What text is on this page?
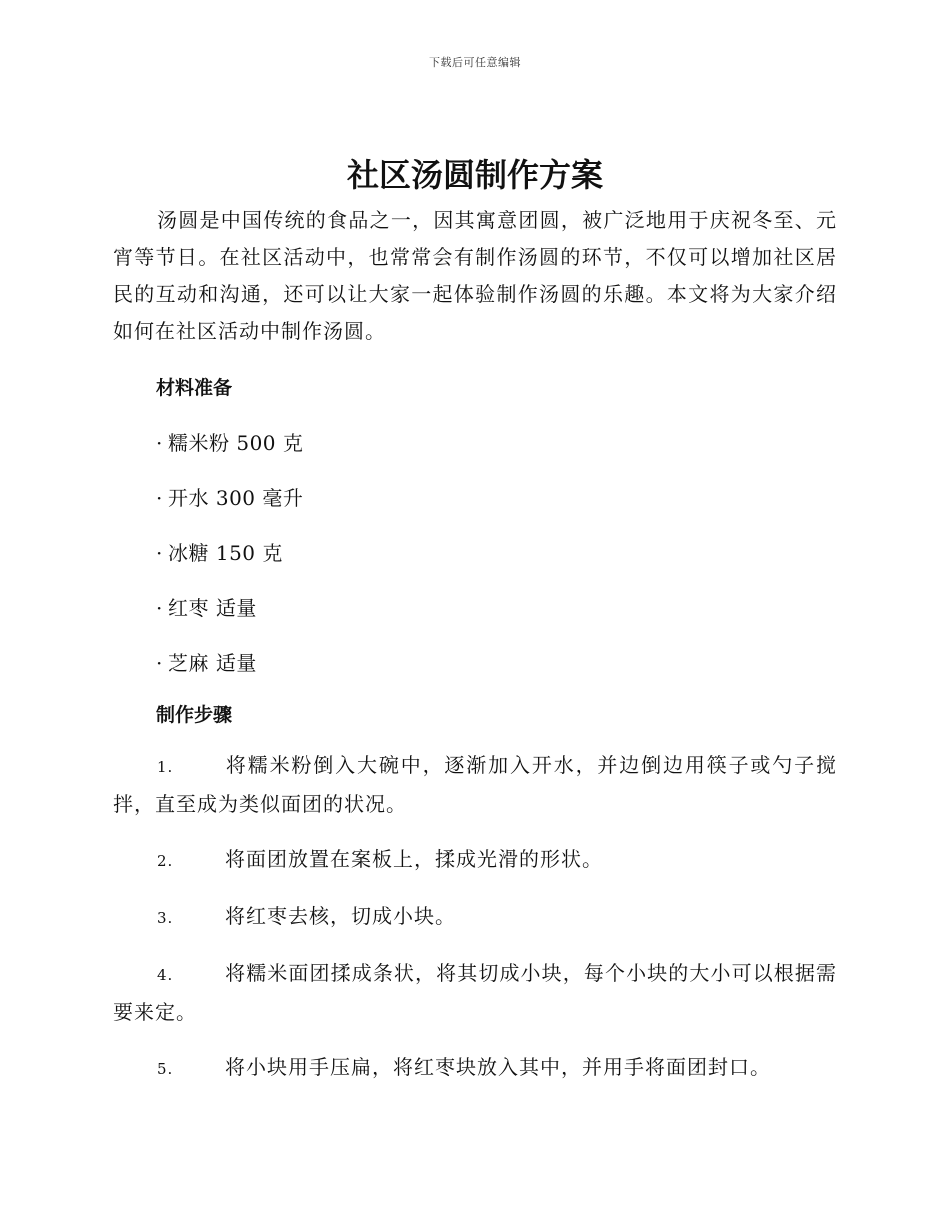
下载后可任意编辑
社区汤圆制作方案

汤圆是中国传统的食品之一，因其寓意团圆，被广泛地用于庆祝冬至、元宵等节日。在社区活动中，也常常会有制作汤圆的环节，不仅可以增加社区居民的互动和沟通，还可以让大家一起体验制作汤圆的乐趣。本文将为大家介绍如何在社区活动中制作汤圆。

材料准备
· 糯米粉 500 克
· 开水 300 毫升
· 冰糖 150 克
· 红枣 适量
· 芝麻 适量
制作步骤
1.	将糯米粉倒入大碗中，逐渐加入开水，并边倒边用筷子或勺子搅拌，直至成为类似面团的状况。
2.	将面团放置在案板上，揉成光滑的形状。
3.	将红枣去核，切成小块。
4.	将糯米面团揉成条状，将其切成小块，每个小块的大小可以根据需要来定。
5.	将小块用手压扁，将红枣块放入其中，并用手将面团封口。
